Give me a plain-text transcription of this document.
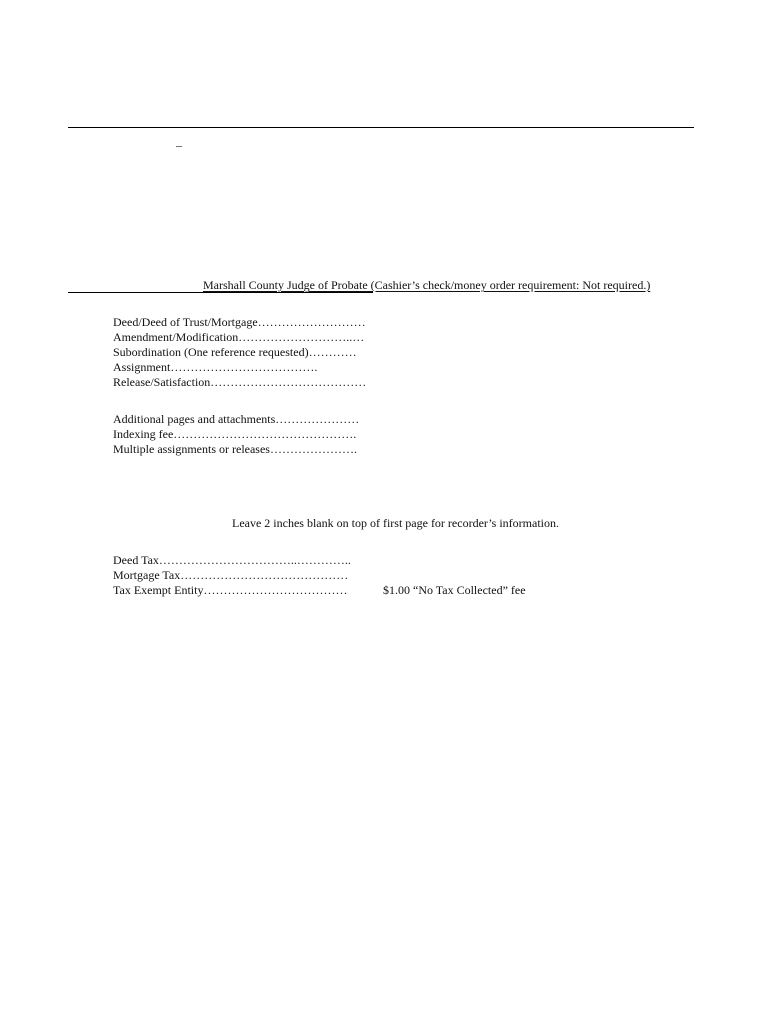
–
Marshall County Judge of Probate (Cashier’s check/money order requirement: Not required.)
Deed/Deed of Trust/Mortgage………………………
Amendment/Modification………………………..…
Subordination (One reference requested)…………
Assignment……………………………….
Release/Satisfaction…………………………………
Additional pages and attachments…………………
Indexing fee……………………………………….
Multiple assignments or releases………………….
Leave 2 inches blank on top of first page for recorder’s information.
Deed Tax……………………………..…………..
Mortgage Tax……………………………………
Tax Exempt Entity………………………………	$1.00 “No Tax Collected” fee
